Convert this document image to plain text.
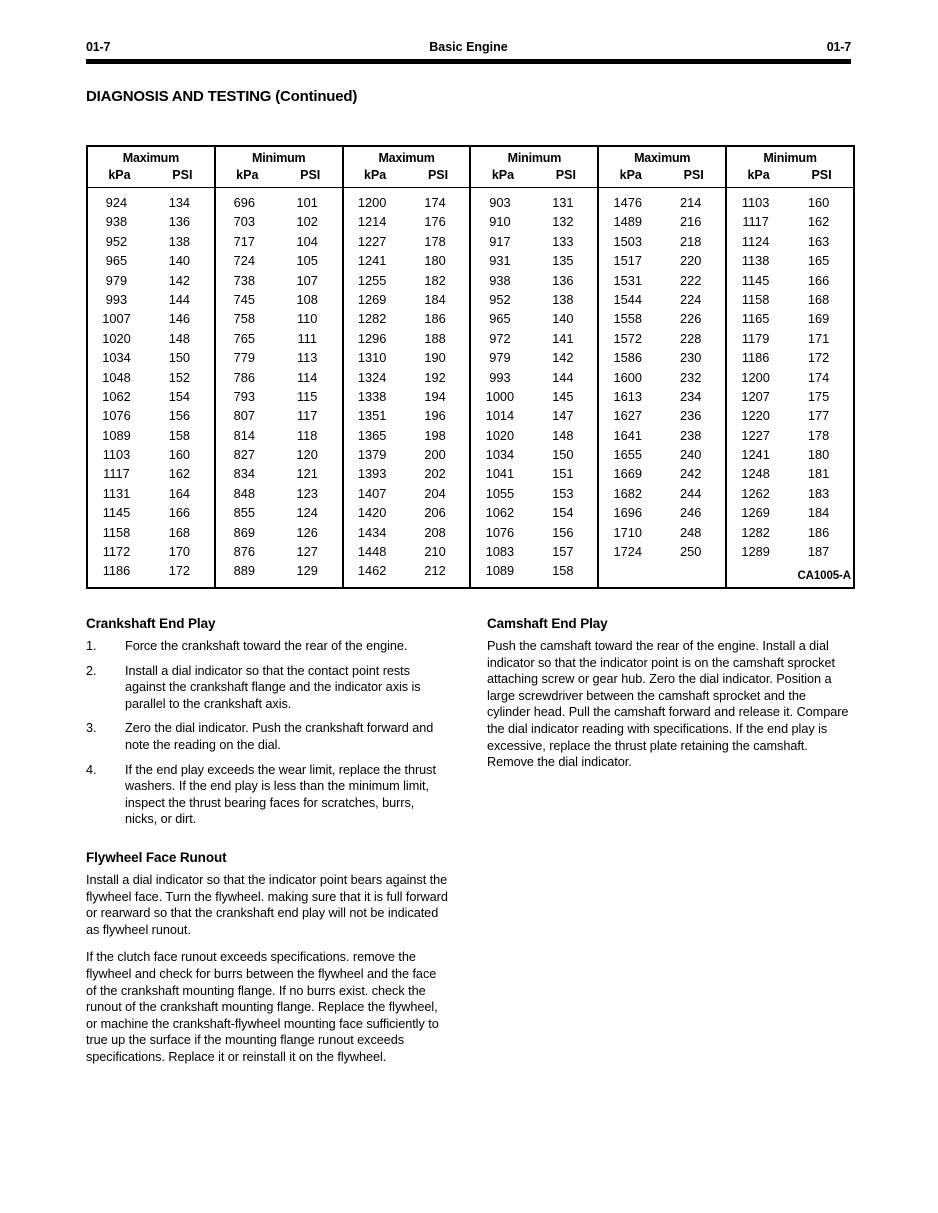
01-7	Basic Engine	01-7
DIAGNOSIS AND TESTING (Continued)
Maximum
kPa	PSI
924	134
938	136
952	138
965	140
979	142
993	144
1007	146
1020	148
1034	150
1048	152
1062	154
1076	156
1089	158
1103	160
1117	162
1131	164
1145	166
1158	168
1172	170
1186	172
Minimum
kPa	PSI
696	101
703	102
717	104
724	105
738	107
745	108
758	110
765	111
779	113
786	114
793	115
807	117
814	118
827	120
834	121
848	123
855	124
869	126
876	127
889	129
Maximum
kPa	PSI
1200	174
1214	176
1227	178
1241	180
1255	182
1269	184
1282	186
1296	188
1310	190
1324	192
1338	194
1351	196
1365	198
1379	200
1393	202
1407	204
1420	206
1434	208
1448	210
1462	212
Minimum
kPa	PSI
903	131
910	132
917	133
931	135
938	136
952	138
965	140
972	141
979	142
993	144
1000	145
1014	147
1020	148
1034	150
1041	151
1055	153
1062	154
1076	156
1083	157
1089	158
Maximum
kPa	PSI
1476	214
1489	216
1503	218
1517	220
1531	222
1544	224
1558	226
1572	228
1586	230
1600	232
1613	234
1627	236
1641	238
1655	240
1669	242
1682	244
1696	246
1710	248
1724	250
Minimum
kPa	PSI
1103	160
1117	162
1124	163
1138	165
1145	166
1158	168
1165	169
1179	171
1186	172
1200	174
1207	175
1220	177
1227	178
1241	180
1248	181
1262	183
1269	184
1282	186
1289	187
CA1005-A
Crankshaft End Play
1.	Force the crankshaft toward the rear of the engine.
2.	Install a dial indicator so that the contact point rests against the crankshaft flange and the indicator axis is parallel to the crankshaft axis.
3.	Zero the dial indicator. Push the crankshaft forward and note the reading on the dial.
4.	If the end play exceeds the wear limit, replace the thrust washers. If the end play is less than the minimum limit, inspect the thrust bearing faces for scratches, burrs, nicks, or dirt.
Flywheel Face Runout

Install a dial indicator so that the indicator point bears against the flywheel face. Turn the flywheel. making sure that it is full forward or rearward so that the crankshaft end play will not be indicated as flywheel runout.

If the clutch face runout exceeds specifications. remove the flywheel and check for burrs between the flywheel and the face of the crankshaft mounting flange. If no burrs exist. check the runout of the crankshaft mounting flange. Replace the flywheel, or machine the crankshaft-flywheel mounting face sufficiently to true up the surface if the mounting flange runout exceeds specifications. Replace it or reinstall it on the flywheel.

Camshaft End Play

Push the camshaft toward the rear of the engine. Install a dial indicator so that the indicator point is on the camshaft sprocket attaching screw or gear hub. Zero the dial indicator. Position a large screwdriver between the camshaft sprocket and the cylinder head. Pull the camshaft forward and release it. Compare the dial indicator reading with specifications. If the end play is excessive, replace the thrust plate retaining the camshaft. Remove the dial indicator.
